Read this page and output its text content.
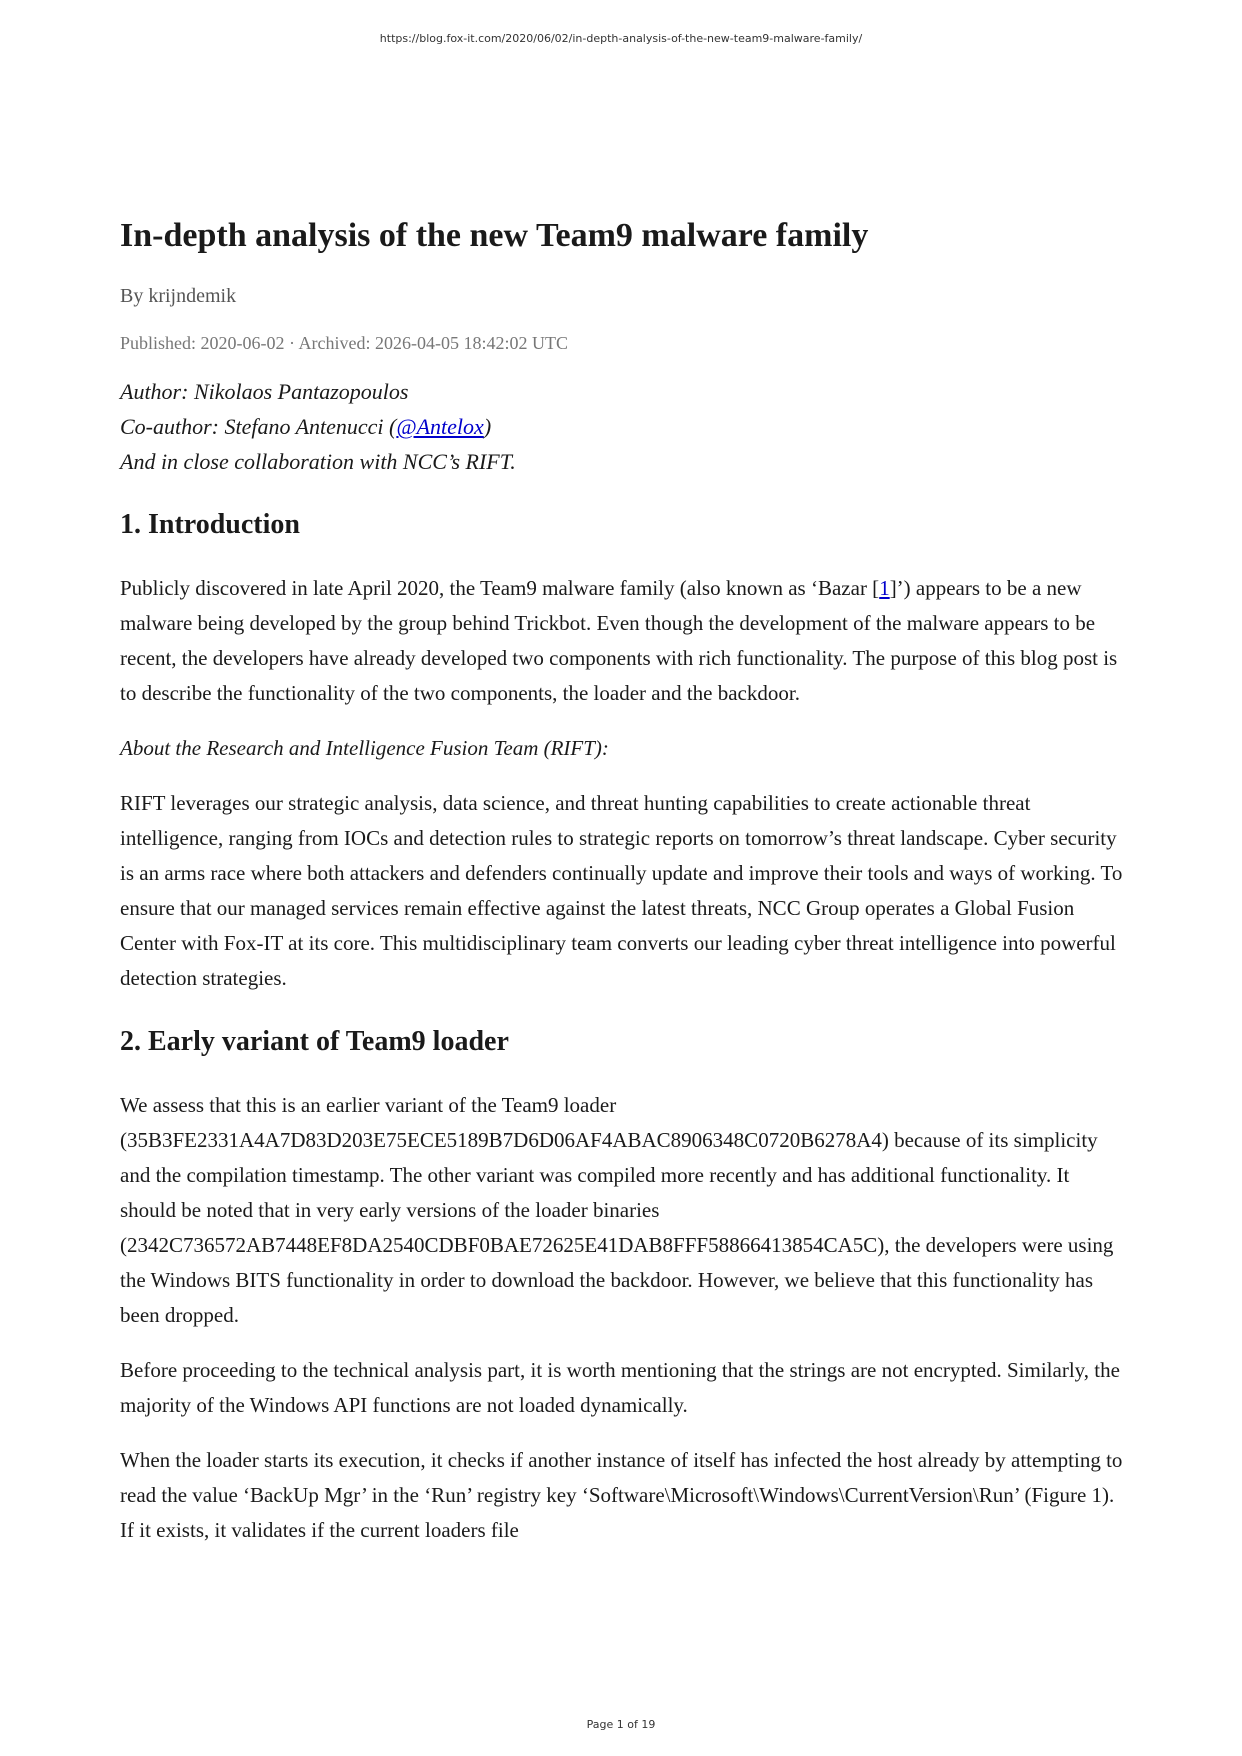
https://blog.fox-it.com/2020/06/02/in-depth-analysis-of-the-new-team9-malware-family/
In-depth analysis of the new Team9 malware family
By krijndemik
Published: 2020-06-02 · Archived: 2026-04-05 18:42:02 UTC
Author: Nikolaos Pantazopoulos
Co-author: Stefano Antenucci (@Antelox)
And in close collaboration with NCC’s RIFT.
1. Introduction

Publicly discovered in late April 2020, the Team9 malware family (also known as ‘Bazar [1]’) appears to be a new malware being developed by the group behind Trickbot. Even though the development of the malware appears to be recent, the developers have already developed two components with rich functionality. The purpose of this blog post is to describe the functionality of the two components, the loader and the backdoor.

About the Research and Intelligence Fusion Team (RIFT):

RIFT leverages our strategic analysis, data science, and threat hunting capabilities to create actionable threat intelligence, ranging from IOCs and detection rules to strategic reports on tomorrow’s threat landscape. Cyber security is an arms race where both attackers and defenders continually update and improve their tools and ways of working. To ensure that our managed services remain effective against the latest threats, NCC Group operates a Global Fusion Center with Fox-IT at its core. This multidisciplinary team converts our leading cyber threat intelligence into powerful detection strategies.

2. Early variant of Team9 loader

We assess that this is an earlier variant of the Team9 loader (35B3FE2331A4A7D83D203E75ECE5189B7D6D06AF4ABAC8906348C0720B6278A4) because of its simplicity and the compilation timestamp. The other variant was compiled more recently and has additional functionality. It should be noted that in very early versions of the loader binaries (2342C736572AB7448EF8DA2540CDBF0BAE72625E41DAB8FFF58866413854CA5C), the developers were using the Windows BITS functionality in order to download the backdoor. However, we believe that this functionality has been dropped.

Before proceeding to the technical analysis part, it is worth mentioning that the strings are not encrypted. Similarly, the majority of the Windows API functions are not loaded dynamically.

When the loader starts its execution, it checks if another instance of itself has infected the host already by attempting to read the value ‘BackUp Mgr’ in the ‘Run’ registry key ‘Software\Microsoft\Windows\CurrentVersion\Run’ (Figure 1). If it exists, it validates if the current loaders file

Page 1 of 19
